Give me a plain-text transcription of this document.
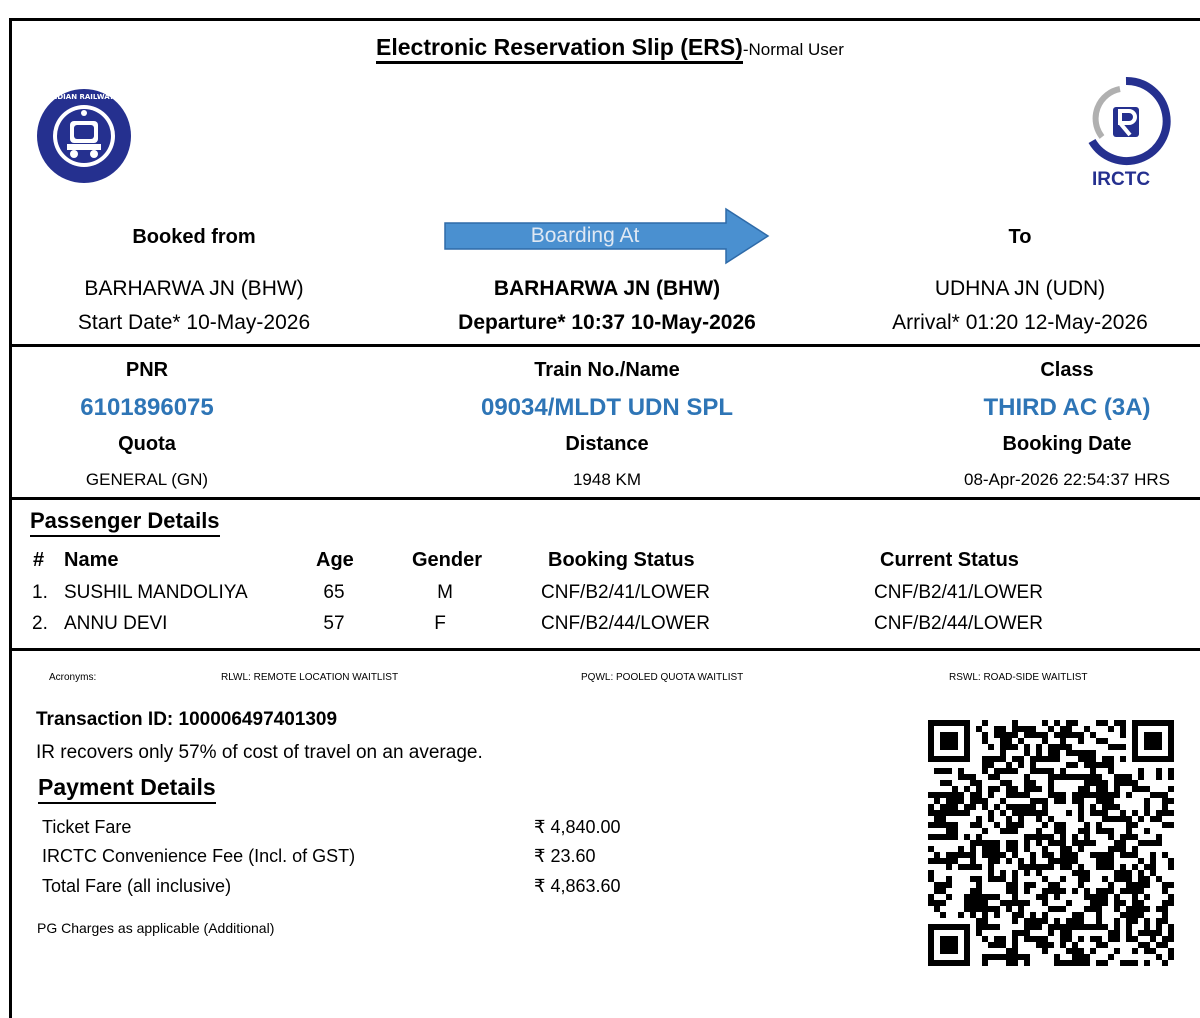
Electronic Reservation Slip (ERS)-Normal User
INDIAN RAILWAYS
IRCTC
Boarding At
Booked from	To
BARHARWA JN (BHW)	BARHARWA JN (BHW)	UDHNA JN (UDN)
Start Date* 10-May-2026	Departure* 10:37 10-May-2026	Arrival* 01:20 12-May-2026
PNR	Train No./Name	Class
6101896075	09034/MLDT UDN SPL	THIRD AC (3A)
Quota	Distance	Booking Date
GENERAL (GN)	1948 KM	08-Apr-2026 22:54:37 HRS
Passenger Details
# Name	Age	Gender	Booking Status	Current Status
1. SUSHIL MANDOLIYA	65	M	CNF/B2/41/LOWER	CNF/B2/41/LOWER
2. ANNU DEVI	57	F	CNF/B2/44/LOWER	CNF/B2/44/LOWER
Acronyms:	RLWL: REMOTE LOCATION WAITLIST	PQWL: POOLED QUOTA WAITLIST	RSWL: ROAD-SIDE WAITLIST
Transaction ID: 100006497401309
IR recovers only 57% of cost of travel on an average.
Payment Details
Ticket Fare	₹ 4,840.00
IRCTC Convenience Fee (Incl. of GST)	₹ 23.60
Total Fare (all inclusive)	₹ 4,863.60
PG Charges as applicable (Additional)
